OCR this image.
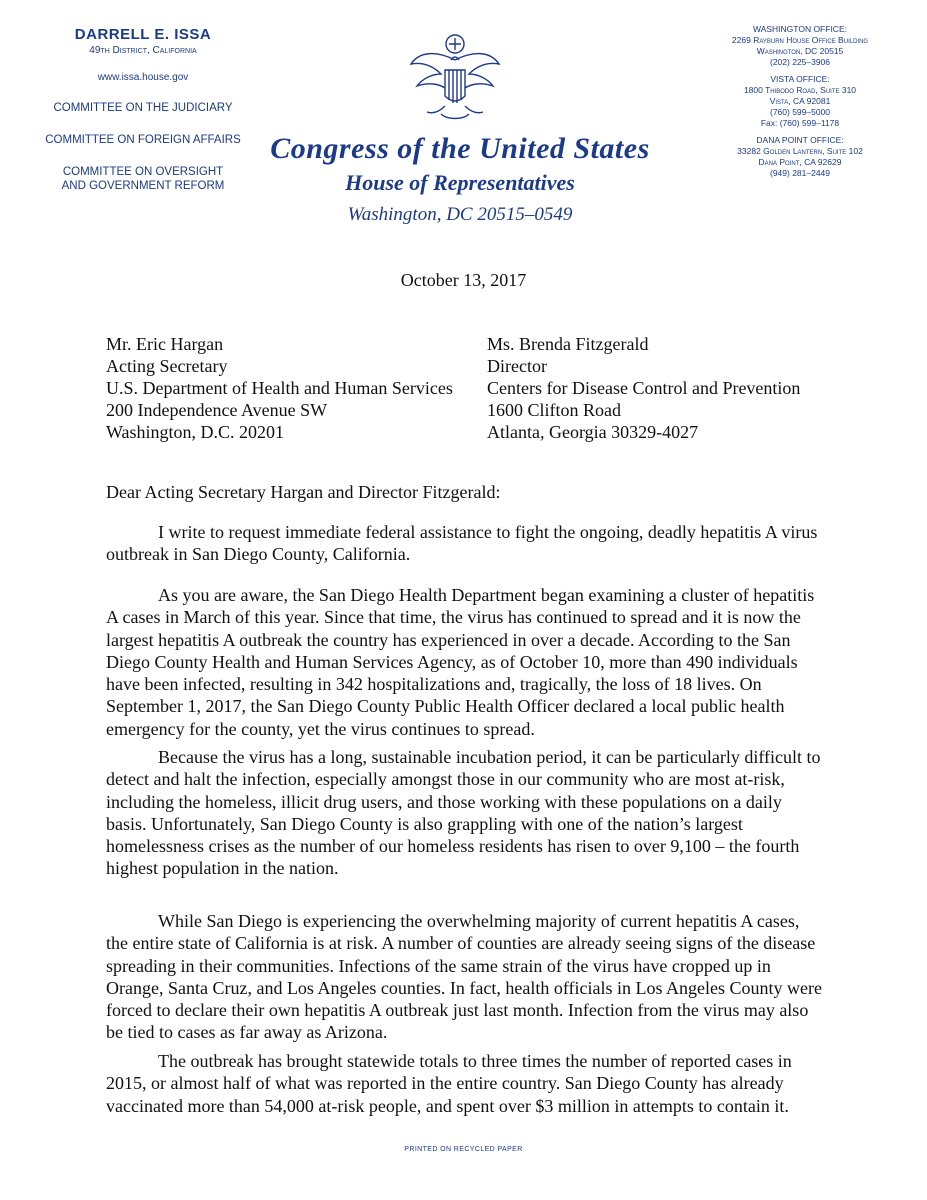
DARRELL E. ISSA
49th District, California
www.issa.house.gov
COMMITTEE ON THE JUDICIARY
COMMITTEE ON FOREIGN AFFAIRS
COMMITTEE ON OVERSIGHT AND GOVERNMENT REFORM
Congress of the United States
House of Representatives
Washington, DC 20515–0549
WASHINGTON OFFICE:
2269 Rayburn House Office Building
Washington, DC 20515
(202) 225–3906
VISTA OFFICE:
1800 Thibodo Road, Suite 310
Vista, CA 92081
(760) 599–5000
Fax: (760) 599–1178
DANA POINT OFFICE:
33282 Golden Lantern, Suite 102
Dana Point, CA 92629
(949) 281–2449
October 13, 2017
Mr. Eric Hargan
Acting Secretary
U.S. Department of Health and Human Services
200 Independence Avenue SW
Washington, D.C. 20201
Ms. Brenda Fitzgerald
Director
Centers for Disease Control and Prevention
1600 Clifton Road
Atlanta, Georgia 30329-4027
Dear Acting Secretary Hargan and Director Fitzgerald:

I write to request immediate federal assistance to fight the ongoing, deadly hepatitis A virus outbreak in San Diego County, California.

As you are aware, the San Diego Health Department began examining a cluster of hepatitis A cases in March of this year. Since that time, the virus has continued to spread and it is now the largest hepatitis A outbreak the country has experienced in over a decade. According to the San Diego County Health and Human Services Agency, as of October 10, more than 490 individuals have been infected, resulting in 342 hospitalizations and, tragically, the loss of 18 lives. On September 1, 2017, the San Diego County Public Health Officer declared a local public health emergency for the county, yet the virus continues to spread.

Because the virus has a long, sustainable incubation period, it can be particularly difficult to detect and halt the infection, especially amongst those in our community who are most at-risk, including the homeless, illicit drug users, and those working with these populations on a daily basis. Unfortunately, San Diego County is also grappling with one of the nation’s largest homelessness crises as the number of our homeless residents has risen to over 9,100 – the fourth highest population in the nation.

While San Diego is experiencing the overwhelming majority of current hepatitis A cases, the entire state of California is at risk. A number of counties are already seeing signs of the disease spreading in their communities. Infections of the same strain of the virus have cropped up in Orange, Santa Cruz, and Los Angeles counties. In fact, health officials in Los Angeles County were forced to declare their own hepatitis A outbreak just last month. Infection from the virus may also be tied to cases as far away as Arizona.

The outbreak has brought statewide totals to three times the number of reported cases in 2015, or almost half of what was reported in the entire country. San Diego County has already vaccinated more than 54,000 at-risk people, and spent over $3 million in attempts to contain it.

PRINTED ON RECYCLED PAPER
